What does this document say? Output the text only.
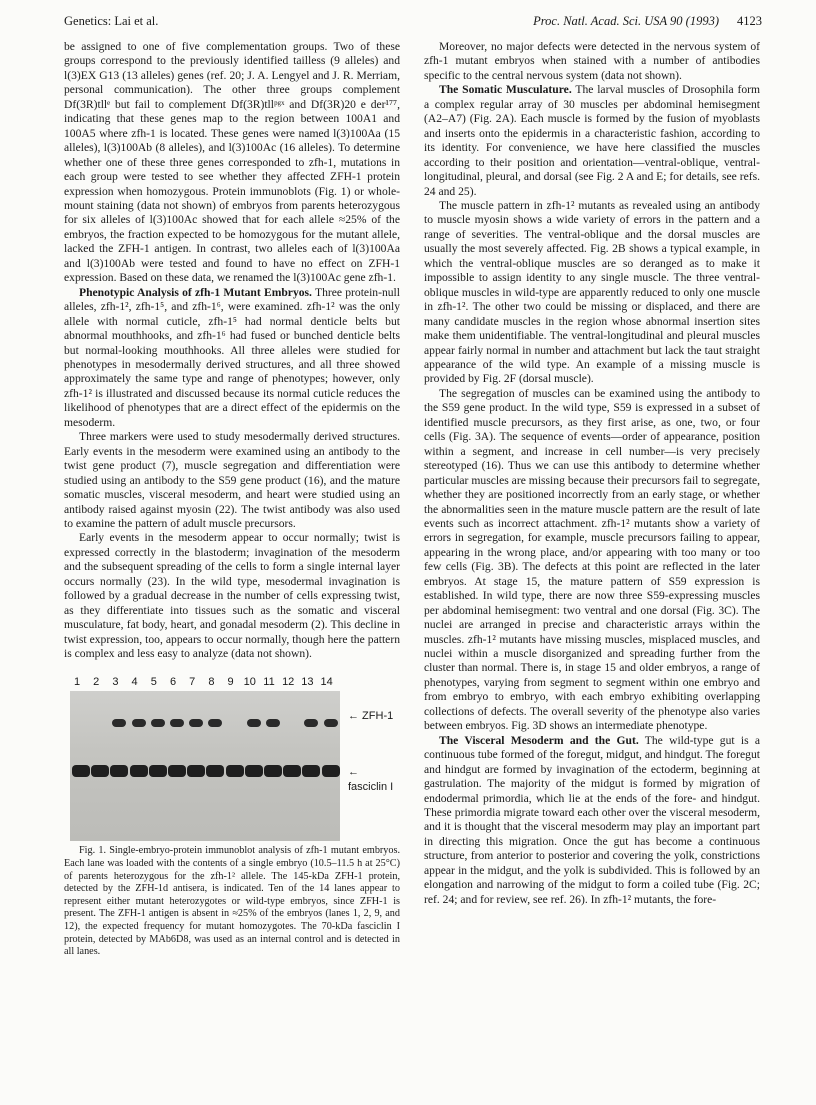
Genetics: Lai et al.	Proc. Natl. Acad. Sci. USA 90 (1993) 4123

be assigned to one of five complementation groups. Two of these groups correspond to the previously identified tailless (9 alleles) and l(3)EX G13 (13 alleles) genes (ref. 20; J. A. Lengyel and J. R. Merriam, personal communication). The other three groups complement Df(3R)tllᵉ but fail to complement Df(3R)tllᵖᵍˣ and Df(3R)20 e der¹⁷⁷, indicating that these genes map to the region between 100A1 and 100A5 where zfh-1 is located. These genes were named l(3)100Aa (15 alleles), l(3)100Ab (8 alleles), and l(3)100Ac (16 alleles). To determine whether one of these three genes corresponded to zfh-1, mutations in each group were tested to see whether they affected ZFH-1 protein expression when homozygous. Protein immunoblots (Fig. 1) or whole-mount staining (data not shown) of embryos from parents heterozygous for six alleles of l(3)100Ac showed that for each allele ≈25% of the embryos, the fraction expected to be homozygous for the mutant allele, lacked the ZFH-1 antigen. In contrast, two alleles each of l(3)100Aa and l(3)100Ab were tested and found to have no effect on ZFH-1 expression. Based on these data, we renamed the l(3)100Ac gene zfh-1.

Phenotypic Analysis of zfh-1 Mutant Embryos. Three protein-null alleles, zfh-1², zfh-1⁵, and zfh-1⁶, were examined. zfh-1² was the only allele with normal cuticle, zfh-1⁵ had normal denticle belts but abnormal mouthhooks, and zfh-1⁶ had fused or bunched denticle belts but normal-looking mouthhooks. All three alleles were studied for phenotypes in mesodermally derived structures, and all three showed approximately the same type and range of phenotypes; however, only zfh-1² is illustrated and discussed because its normal cuticle reduces the likelihood of phenotypes that are a direct effect of the epidermis on the mesoderm.

Three markers were used to study mesodermally derived structures. Early events in the mesoderm were examined using an antibody to the twist gene product (7), muscle segregation and differentiation were studied using an antibody to the S59 gene product (16), and the mature somatic muscles, visceral mesoderm, and heart were studied using an antibody raised against myosin (22). The twist antibody was also used to examine the pattern of adult muscle precursors.

Early events in the mesoderm appear to occur normally; twist is expressed correctly in the blastoderm; invagination of the mesoderm and the subsequent spreading of the cells to form a single internal layer occurs normally (23). In the wild type, mesodermal invagination is followed by a gradual decrease in the number of cells expressing twist, as they differentiate into tissues such as the somatic and visceral musculature, fat body, heart, and gonadal mesoderm (2). This decline in twist expression, too, appears to occur normally, though here the pattern is complex and less easy to analyze (data not shown).

1	2	3	4	5	6	7	8	9 10 11 12 13 14
← ZFH-1
← fasciclin I

Fig. 1. Single-embryo-protein immunoblot analysis of zfh-1 mutant embryos. Each lane was loaded with the contents of a single embryo (10.5–11.5 h at 25°C) of parents heterozygous for the zfh-1² allele. The 145-kDa ZFH-1 protein, detected by the ZFH-1d antisera, is indicated. Ten of the 14 lanes appear to represent either mutant heterozygotes or wild-type embryos, since ZFH-1 is present. The ZFH-1 antigen is absent in ≈25% of the embryos (lanes 1, 2, 9, and 12), the expected frequency for mutant homozygotes. The 70-kDa fasciclin I protein, detected by MAb6D8, was used as an internal control and is detected in all lanes.

Moreover, no major defects were detected in the nervous system of zfh-1 mutant embryos when stained with a number of antibodies specific to the central nervous system (data not shown).

The Somatic Musculature. The larval muscles of Drosophila form a complex regular array of 30 muscles per abdominal hemisegment (A2–A7) (Fig. 2A). Each muscle is formed by the fusion of myoblasts and inserts onto the epidermis in a characteristic fashion, according to its identity. For convenience, we have here classified the muscles according to their position and orientation—ventral-oblique, ventral-longitudinal, pleural, and dorsal (see Fig. 2 A and E; for details, see refs. 24 and 25).

The muscle pattern in zfh-1² mutants as revealed using an antibody to muscle myosin shows a wide variety of errors in the pattern and a range of severities. The ventral-oblique and the dorsal muscles are usually the most severely affected. Fig. 2B shows a typical example, in which the ventral-oblique muscles are so deranged as to make it impossible to assign identity to any single muscle. The three ventral-oblique muscles in wild-type are apparently reduced to only one muscle in zfh-1². The other two could be missing or displaced, and there are many candidate muscles in the region whose abnormal insertion sites make them unidentifiable. The ventral-longitudinal and pleural muscles appear fairly normal in number and attachment but lack the taut straight appearance of the wild type. An example of a missing muscle is provided by Fig. 2F (dorsal muscle).

The segregation of muscles can be examined using the antibody to the S59 gene product. In the wild type, S59 is expressed in a subset of identified muscle precursors, as they first arise, as one, two, or four cells (Fig. 3A). The sequence of events—order of appearance, position within a segment, and increase in cell number—is very precisely stereotyped (16). Thus we can use this antibody to determine whether particular muscles are missing because their precursors fail to segregate, whether they are positioned incorrectly from an early stage, or whether the abnormalities seen in the mature muscle pattern are the result of late events such as incorrect attachment. zfh-1² mutants show a variety of errors in segregation, for example, muscle precursors failing to appear, appearing in the wrong place, and/or appearing with too many or too few cells (Fig. 3B). The defects at this point are reflected in the later embryos. At stage 15, the mature pattern of S59 expression is established. In wild type, there are now three S59-expressing muscles per abdominal hemisegment: two ventral and one dorsal (Fig. 3C). The nuclei are arranged in precise and characteristic arrays within the muscles. zfh-1² mutants have missing muscles, misplaced muscles, and nuclei within a muscle disorganized and spreading further from the cluster than normal. There is, in stage 15 and older embryos, a range of phenotypes, varying from segment to segment within one embryo and from embryo to embryo, with each embryo exhibiting overlapping collections of defects. The overall severity of the phenotype also varies between embryos. Fig. 3D shows an intermediate phenotype.

The Visceral Mesoderm and the Gut. The wild-type gut is a continuous tube formed of the foregut, midgut, and hindgut. The foregut and hindgut are formed by invagination of the ectoderm, beginning at gastrulation. The majority of the midgut is formed by migration of endodermal primordia, which lie at the ends of the fore- and hindgut. These primordia migrate toward each other over the visceral mesoderm, and it is thought that the visceral mesoderm may play an important part in directing this migration. Once the gut has become a continuous structure, from anterior to posterior and covering the yolk, constrictions appear in the midgut, and the yolk is subdivided. This is followed by an elongation and narrowing of the midgut to form a coiled tube (Fig. 2C; ref. 24; and for review, see ref. 26). In zfh-1² mutants, the fore-
